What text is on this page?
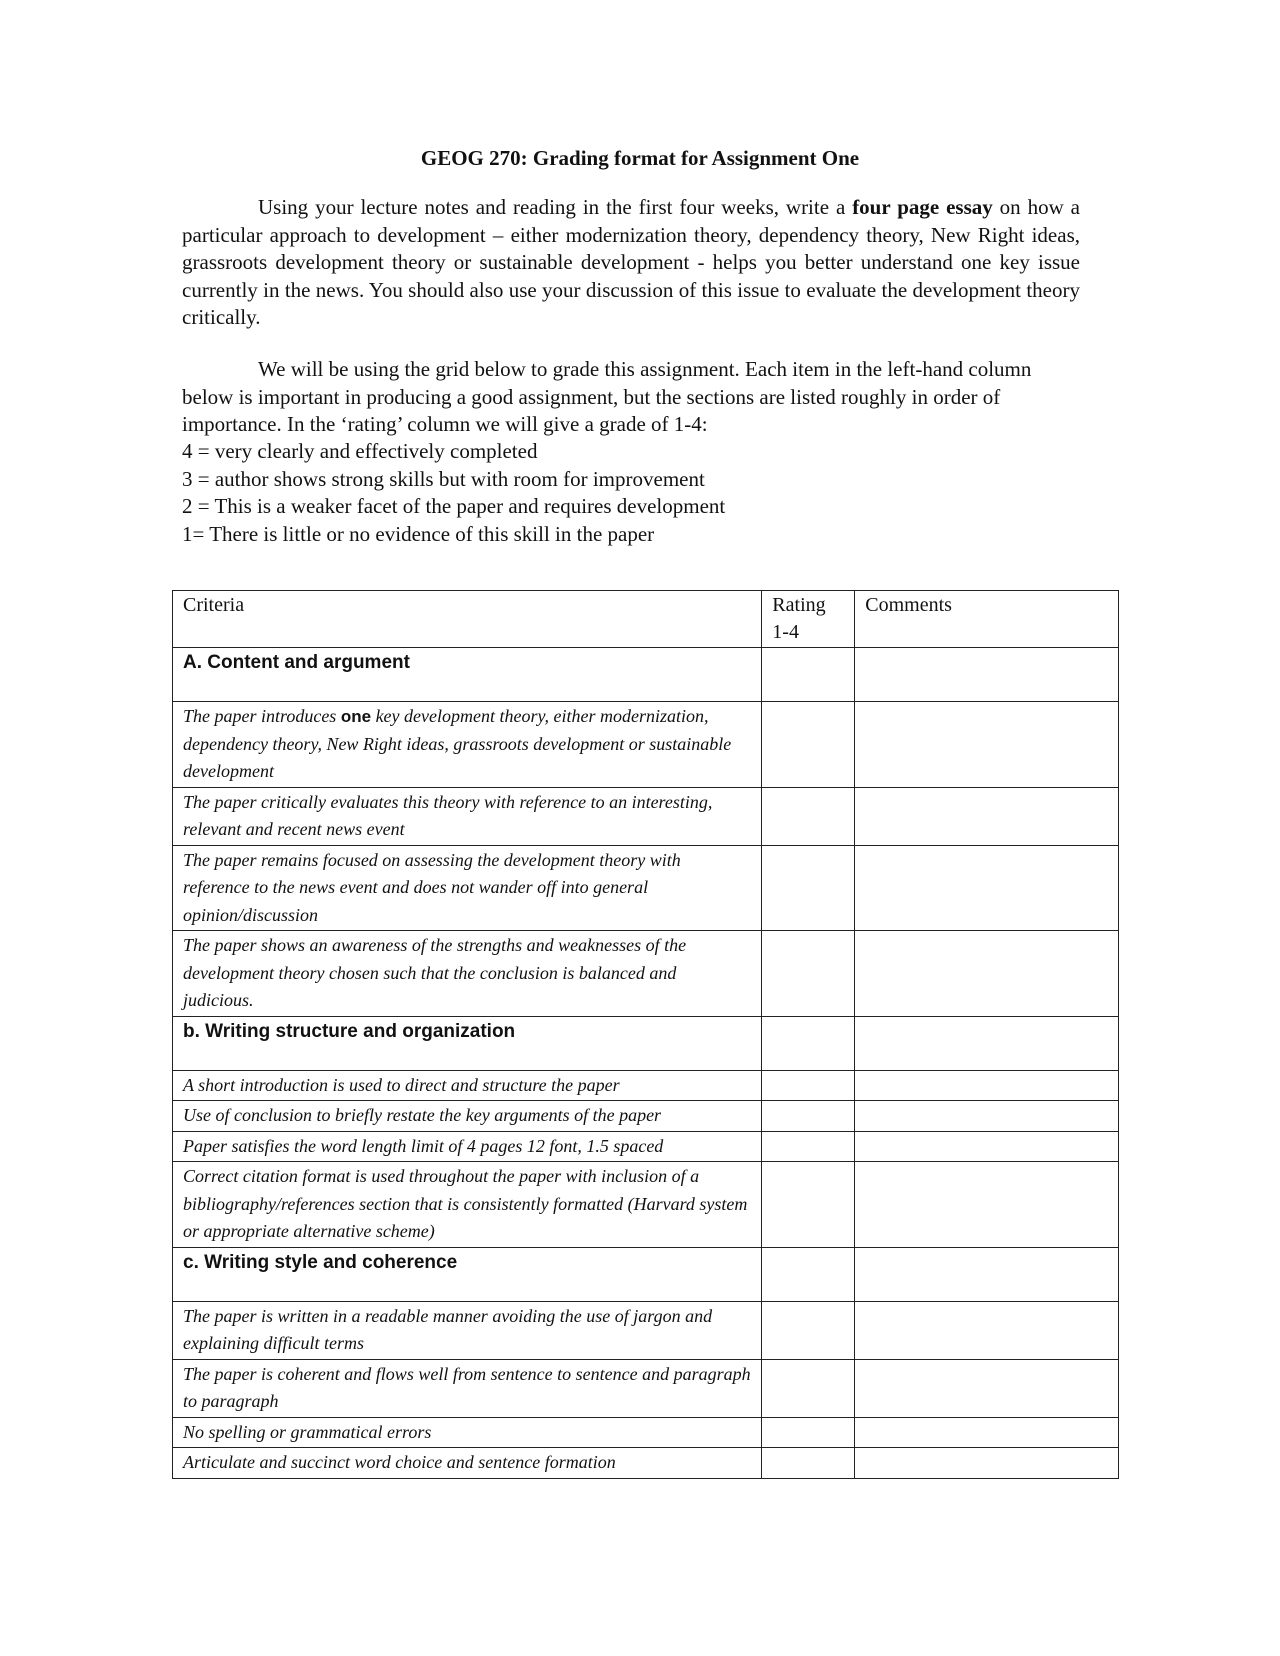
GEOG 270: Grading format for Assignment One

Using your lecture notes and reading in the first four weeks, write a four page essay on how a particular approach to development – either modernization theory, dependency theory, New Right ideas, grassroots development theory or sustainable development - helps you better understand one key issue currently in the news. You should also use your discussion of this issue to evaluate the development theory critically.

We will be using the grid below to grade this assignment. Each item in the left-hand column below is important in producing a good assignment, but the sections are listed roughly in order of importance. In the ‘rating’ column we will give a grade of 1-4:

4 = very clearly and effectively completed
3 = author shows strong skills but with room for improvement
2 = This is a weaker facet of the paper and requires development
1= There is little or no evidence of this skill in the paper
Criteria	Rating 1-4	Comments
A. Content and argument		
The paper introduces one key development theory, either modernization, dependency theory, New Right ideas, grassroots development or sustainable development		
The paper critically evaluates this theory with reference to an interesting, relevant and recent news event		
The paper remains focused on assessing the development theory with reference to the news event and does not wander off into general opinion/discussion		
The paper shows an awareness of the strengths and weaknesses of the development theory chosen such that the conclusion is balanced and judicious.		
b. Writing structure and organization		
A short introduction is used to direct and structure the paper		
Use of conclusion to briefly restate the key arguments of the paper		
Paper satisfies the word length limit of 4 pages 12 font, 1.5 spaced		
Correct citation format is used throughout the paper with inclusion of a bibliography/references section that is consistently formatted (Harvard system or appropriate alternative scheme)		
c. Writing style and coherence		
The paper is written in a readable manner avoiding the use of jargon and explaining difficult terms		
The paper is coherent and flows well from sentence to sentence and paragraph to paragraph		
No spelling or grammatical errors		
Articulate and succinct word choice and sentence formation		
